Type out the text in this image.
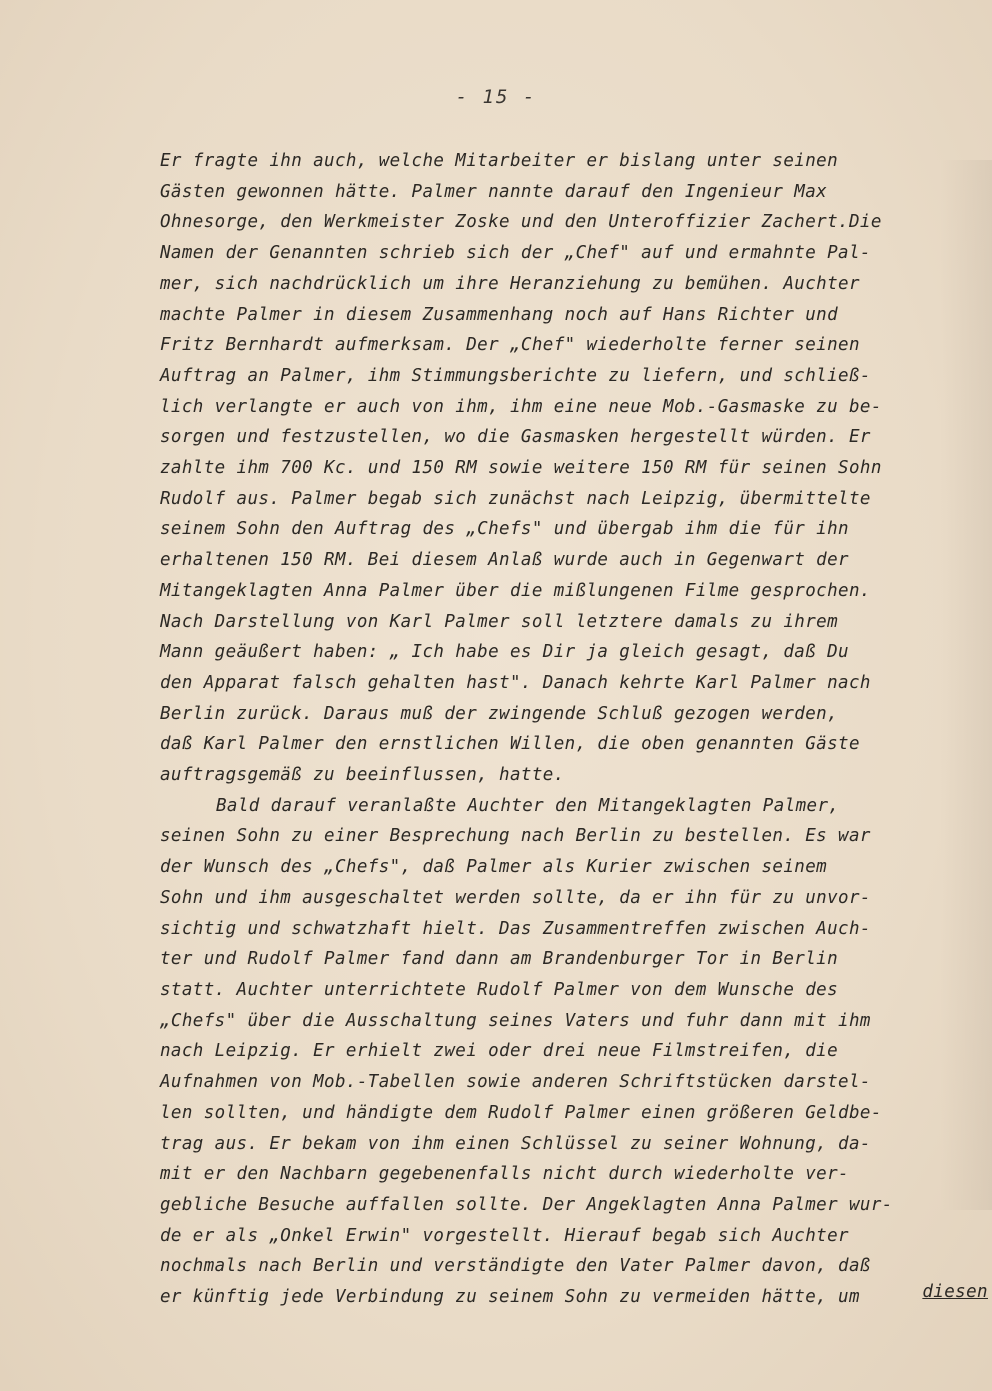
- 15 -
Er fragte ihn auch, welche Mitarbeiter er bislang unter seinen
Gästen gewonnen hätte. Palmer nannte darauf den Ingenieur Max
Ohnesorge, den Werkmeister Zoske und den Unteroffizier Zachert.Die
Namen der Genannten schrieb sich der „Chef" auf und ermahnte Pal-
mer, sich nachdrücklich um ihre Heranziehung zu bemühen. Auchter
machte Palmer in diesem Zusammenhang noch auf Hans Richter und
Fritz Bernhardt aufmerksam. Der „Chef" wiederholte ferner seinen
Auftrag an Palmer, ihm Stimmungsberichte zu liefern, und schließ-
lich verlangte er auch von ihm, ihm eine neue Mob.-Gasmaske zu be-
sorgen und festzustellen, wo die Gasmasken hergestellt würden. Er
zahlte ihm 700 Kc. und 150 RM sowie weitere 150 RM für seinen Sohn
Rudolf aus. Palmer begab sich zunächst nach Leipzig, übermittelte
seinem Sohn den Auftrag des „Chefs" und übergab ihm die für ihn
erhaltenen 150 RM. Bei diesem Anlaß wurde auch in Gegenwart der
Mitangeklagten Anna Palmer über die mißlungenen Filme gesprochen.
Nach Darstellung von Karl Palmer soll letztere damals zu ihrem
Mann geäußert haben: „ Ich habe es Dir ja gleich gesagt, daß Du
den Apparat falsch gehalten hast". Danach kehrte Karl Palmer nach
Berlin zurück. Daraus muß der zwingende Schluß gezogen werden,
daß Karl Palmer den ernstlichen Willen, die oben genannten Gäste
auftragsgemäß zu beeinflussen, hatte.
Bald darauf veranlaßte Auchter den Mitangeklagten Palmer,
seinen Sohn zu einer Besprechung nach Berlin zu bestellen. Es war
der Wunsch des „Chefs", daß Palmer als Kurier zwischen seinem
Sohn und ihm ausgeschaltet werden sollte, da er ihn für zu unvor-
sichtig und schwatzhaft hielt. Das Zusammentreffen zwischen Auch-
ter und Rudolf Palmer fand dann am Brandenburger Tor in Berlin
statt. Auchter unterrichtete Rudolf Palmer von dem Wunsche des
„Chefs" über die Ausschaltung seines Vaters und fuhr dann mit ihm
nach Leipzig. Er erhielt zwei oder drei neue Filmstreifen, die
Aufnahmen von Mob.-Tabellen sowie anderen Schriftstücken darstel-
len sollten, und händigte dem Rudolf Palmer einen größeren Geldbe-
trag aus. Er bekam von ihm einen Schlüssel zu seiner Wohnung, da-
mit er den Nachbarn gegebenenfalls nicht durch wiederholte ver-
gebliche Besuche auffallen sollte. Der Angeklagten Anna Palmer wur-
de er als „Onkel Erwin" vorgestellt. Hierauf begab sich Auchter
nochmals nach Berlin und verständigte den Vater Palmer davon, daß
er künftig jede Verbindung zu seinem Sohn zu vermeiden hätte, um	diesen
